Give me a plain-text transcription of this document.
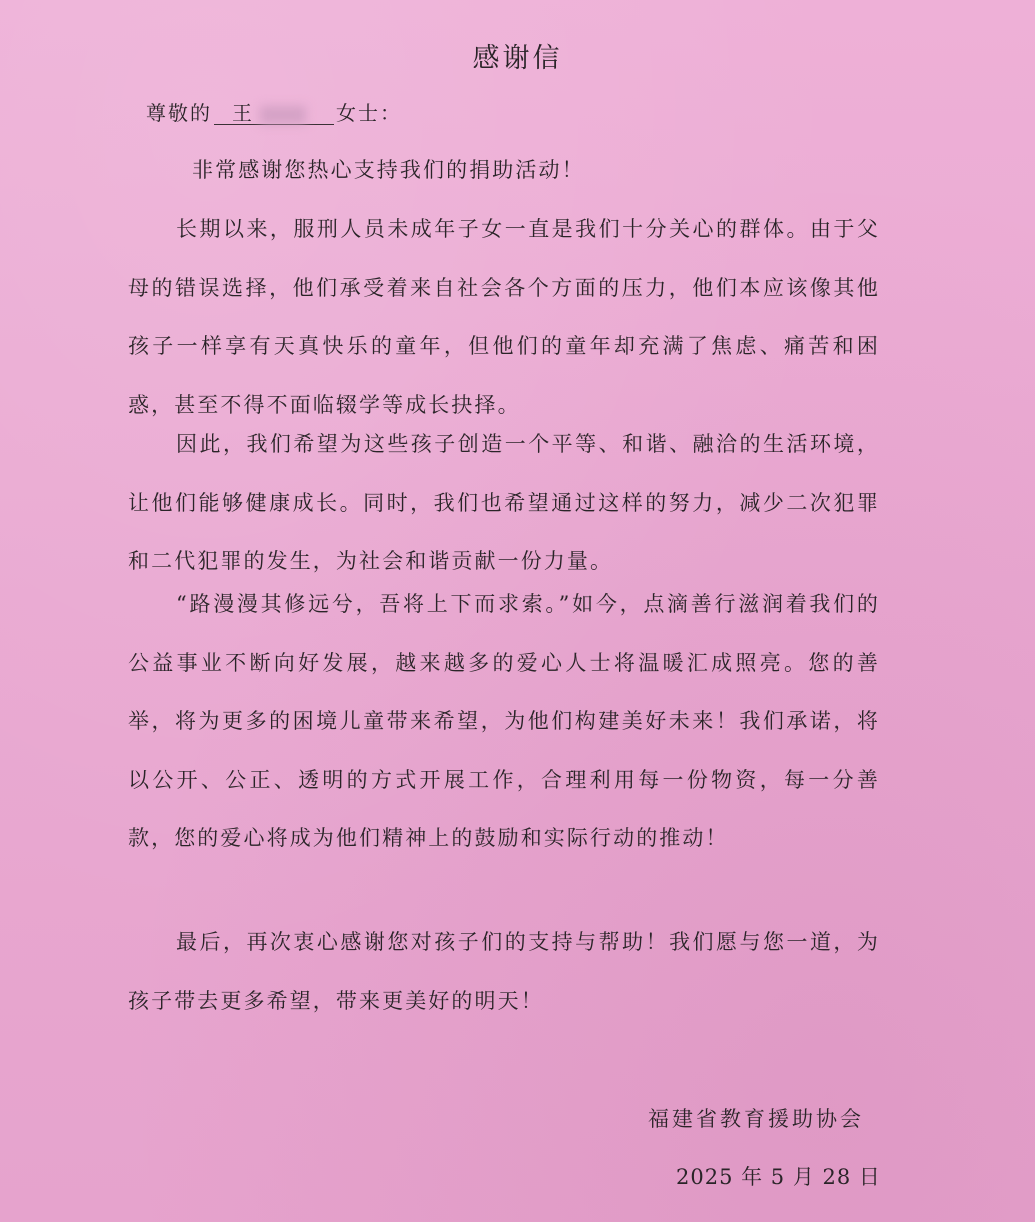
感谢信

尊敬的 王	女士：

非常感谢您热心支持我们的捐助活动！

长期以来，服刑人员未成年子女一直是我们十分关心的群体。由于父母的错误选择，他们承受着来自社会各个方面的压力，他们本应该像其他孩子一样享有天真快乐的童年，但他们的童年却充满了焦虑、痛苦和困惑，甚至不得不面临辍学等成长抉择。

因此，我们希望为这些孩子创造一个平等、和谐、融洽的生活环境，让他们能够健康成长。同时，我们也希望通过这样的努力，减少二次犯罪和二代犯罪的发生，为社会和谐贡献一份力量。

“路漫漫其修远兮，吾将上下而求索。”如今，点滴善行滋润着我们的公益事业不断向好发展，越来越多的爱心人士将温暖汇成照亮。您的善举，将为更多的困境儿童带来希望，为他们构建美好未来！我们承诺，将以公开、公正、透明的方式开展工作，合理利用每一份物资，每一分善款，您的爱心将成为他们精神上的鼓励和实际行动的推动！

最后，再次衷心感谢您对孩子们的支持与帮助！我们愿与您一道，为孩子带去更多希望，带来更美好的明天！

福建省教育援助协会

2025 年 5 月 28 日
